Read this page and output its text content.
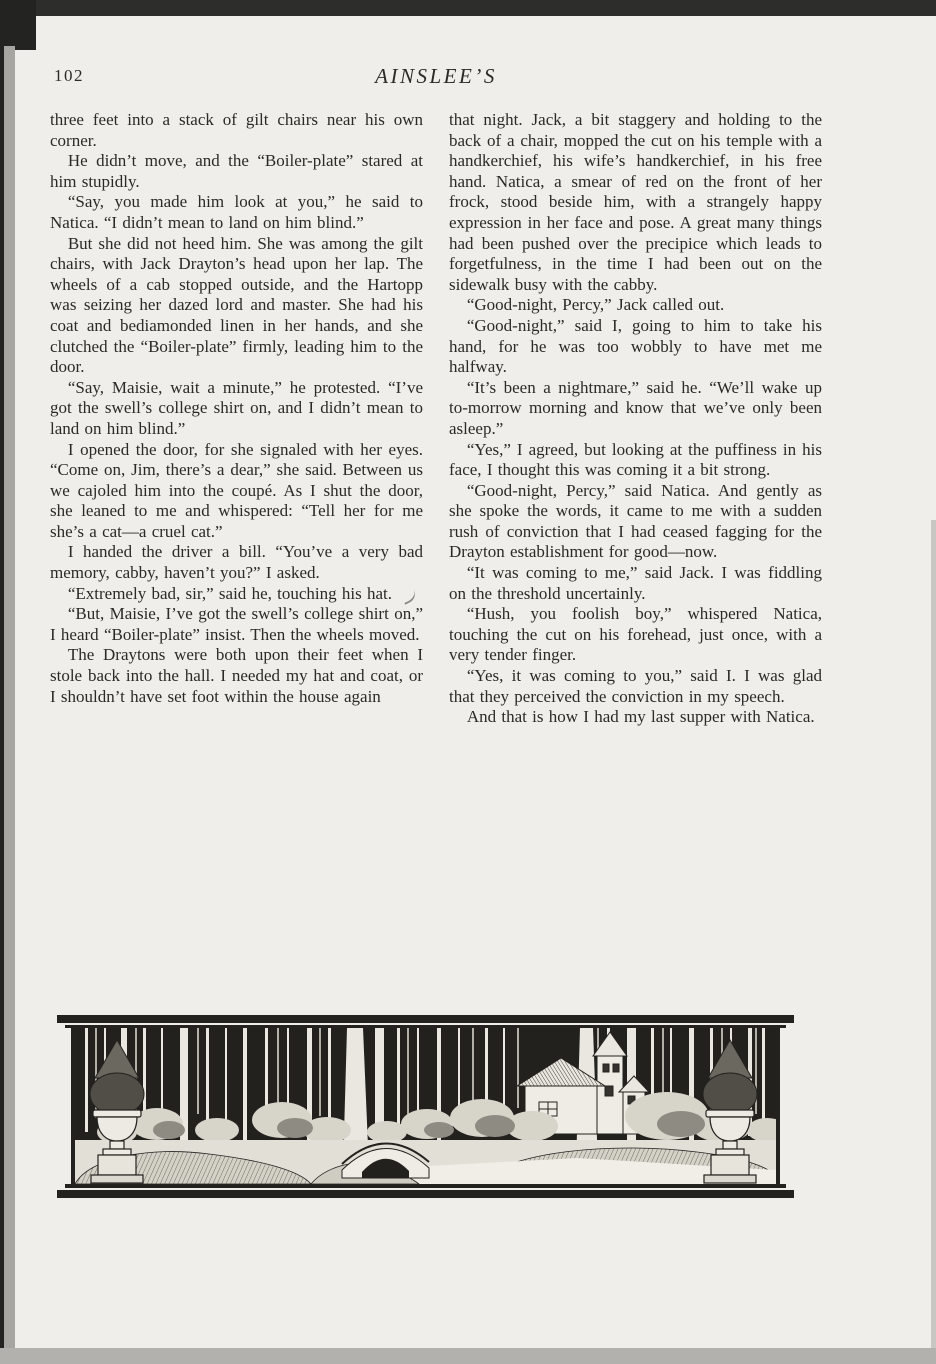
102	AINSLEE’S

three feet into a stack of gilt chairs near his own corner.

He didn’t move, and the “Boiler-plate” stared at him stupidly.

“Say, you made him look at you,” he said to Natica. “I didn’t mean to land on him blind.”

But she did not heed him. She was among the gilt chairs, with Jack Drayton’s head upon her lap. The wheels of a cab stopped outside, and the Hartopp was seizing her dazed lord and master. She had his coat and bediamonded linen in her hands, and she clutched the “Boiler-plate” firmly, leading him to the door.

“Say, Maisie, wait a minute,” he protested. “I’ve got the swell’s college shirt on, and I didn’t mean to land on him blind.”

I opened the door, for she signaled with her eyes. “Come on, Jim, there’s a dear,” she said. Between us we cajoled him into the coupé. As I shut the door, she leaned to me and whispered: “Tell her for me she’s a cat—a cruel cat.”

I handed the driver a bill. “You’ve a very bad memory, cabby, haven’t you?” I asked.

“Extremely bad, sir,” said he, touching his hat.

“But, Maisie, I’ve got the swell’s college shirt on,” I heard “Boiler-plate” insist. Then the wheels moved.

The Draytons were both upon their feet when I stole back into the hall. I needed my hat and coat, or I shouldn’t have set foot within the house again

that night. Jack, a bit staggery and holding to the back of a chair, mopped the cut on his temple with a handkerchief, his wife’s handkerchief, in his free hand. Natica, a smear of red on the front of her frock, stood beside him, with a strangely happy expression in her face and pose. A great many things had been pushed over the precipice which leads to forgetfulness, in the time I had been out on the sidewalk busy with the cabby.

“Good-night, Percy,” Jack called out.

“Good-night,” said I, going to him to take his hand, for he was too wobbly to have met me halfway.

“It’s been a nightmare,” said he. “We’ll wake up to-morrow morning and know that we’ve only been asleep.”

“Yes,” I agreed, but looking at the puffiness in his face, I thought this was coming it a bit strong.

“Good-night, Percy,” said Natica. And gently as she spoke the words, it came to me with a sudden rush of conviction that I had ceased fagging for the Drayton establishment for good—now.

“It was coming to me,” said Jack. I was fiddling on the threshold uncertainly.

“Hush, you foolish boy,” whispered Natica, touching the cut on his forehead, just once, with a very tender finger.

“Yes, it was coming to you,” said I. I was glad that they perceived the conviction in my speech.

And that is how I had my last supper with Natica.
